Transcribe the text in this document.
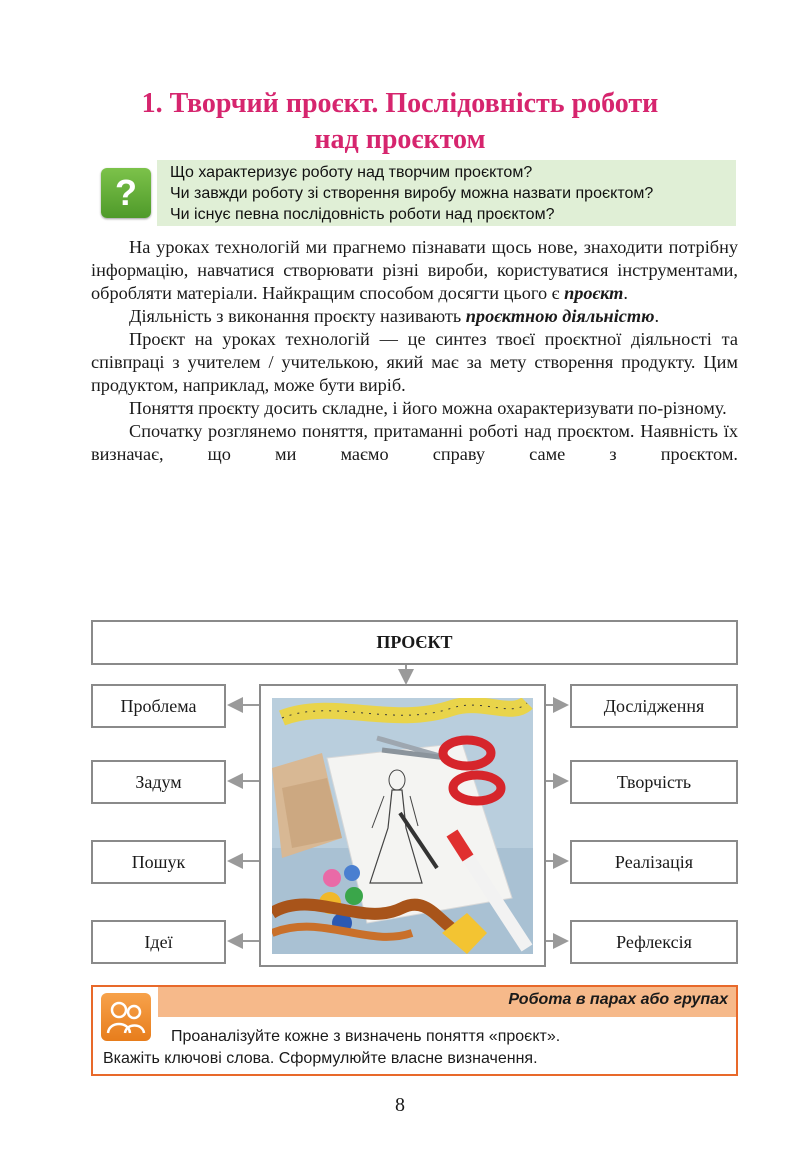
1. Творчий проєкт. Послідовність роботи
над проєктом
?	Що характеризує роботу над творчим проєктом?
Чи завжди роботу зі створення виробу можна назвати проєктом?
Чи існує певна послідовність роботи над проєктом?

На уроках технологій ми прагнемо пізнавати щось нове, знаходити потрібну інформацію, навчатися створювати різні вироби, користуватися інструментами, обробляти матеріали. Найкращим способом досягти цього є проєкт.

Діяльність з виконання проєкту називають проєктною діяльністю.

Проєкт на уроках технологій — це синтез твоєї проєктної діяльності та співпраці з учителем / учителькою, який має за мету створення продукту. Цим продуктом, наприклад, може бути виріб.

Поняття проєкту досить складне, і його можна охарактеризувати по-різному.

Спочатку розглянемо поняття, притаманні роботі над проєктом. Наявність їх визначає, що ми маємо справу саме з проєктом.

ПРОЄКТ
Проблема
Задум
Пошук
Ідеї
Дослідження
Творчість
Реалізація
Рефлексія
Робота в парах або групах
Проаналізуйте кожне з визначень поняття «проєкт».
Вкажіть ключові слова. Сформулюйте власне визначення.
8
